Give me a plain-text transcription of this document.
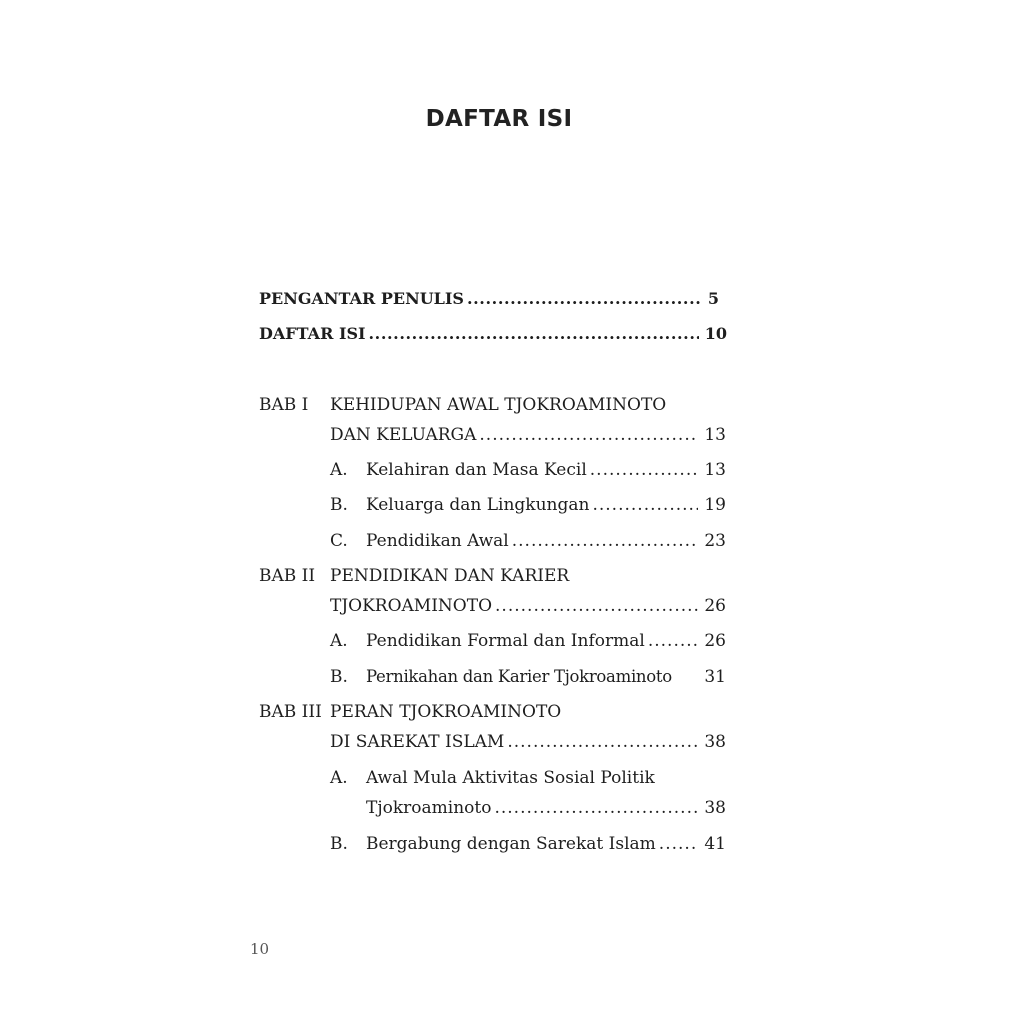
DAFTAR ISI
PENGANTAR PENULIS .....	5
DAFTAR ISI .....	10
BAB I KEHIDUPAN AWAL TJOKROAMINOTO
DAN KELUARGA .....	13
A. Kelahiran dan Masa Kecil .....	13
B. Keluarga dan Lingkungan .....	19
C. Pendidikan Awal .....	23
BAB II PENDIDIKAN DAN KARIER
TJOKROAMINOTO .....	26
A. Pendidikan Formal dan Informal .....	26
B. Pernikahan dan Karier Tjokroaminoto 31
BAB III PERAN TJOKROAMINOTO
DI SAREKAT ISLAM .....	38
A. Awal Mula Aktivitas Sosial Politik
Tjokroaminoto .....	38
B. Bergabung dengan Sarekat Islam .....	41
10
